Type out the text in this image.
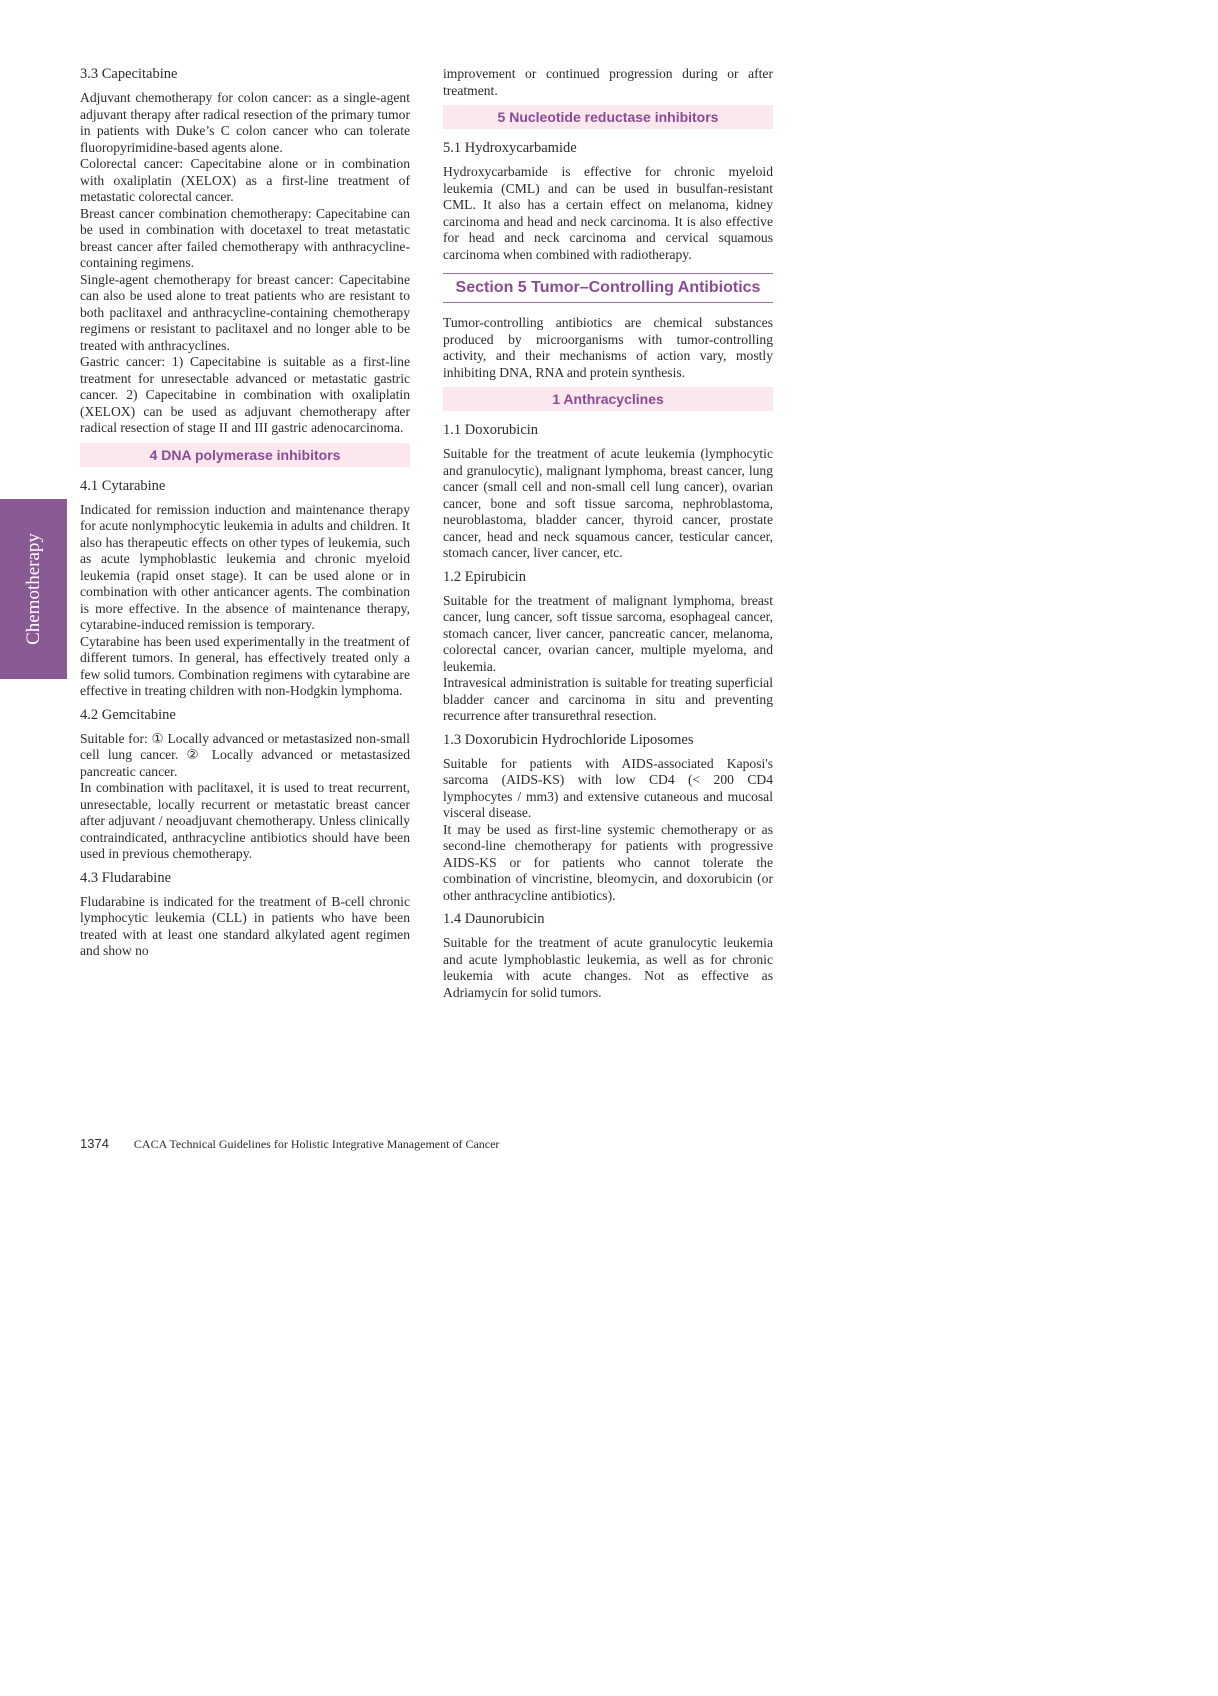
Chemotherapy
3.3 Capecitabine

Adjuvant chemotherapy for colon cancer: as a single-agent adjuvant therapy after radical resection of the primary tumor in patients with Duke’s C colon cancer who can tolerate fluoropyrimidine-based agents alone.

Colorectal cancer: Capecitabine alone or in combination with oxaliplatin (XELOX) as a first-line treatment of metastatic colorectal cancer.

Breast cancer combination chemotherapy: Capecitabine can be used in combination with docetaxel to treat metastatic breast cancer after failed chemotherapy with anthracycline-containing regimens.

Single-agent chemotherapy for breast cancer: Capecitabine can also be used alone to treat patients who are resistant to both paclitaxel and anthracycline-containing chemotherapy regimens or resistant to paclitaxel and no longer able to be treated with anthracyclines.

Gastric cancer: 1) Capecitabine is suitable as a first-line treatment for unresectable advanced or metastatic gastric cancer. 2) Capecitabine in combination with oxaliplatin (XELOX) can be used as adjuvant chemotherapy after radical resection of stage II and III gastric adenocarcinoma.

4 DNA polymerase inhibitors
4.1 Cytarabine

Indicated for remission induction and maintenance therapy for acute nonlymphocytic leukemia in adults and children. It also has therapeutic effects on other types of leukemia, such as acute lymphoblastic leukemia and chronic myeloid leukemia (rapid onset stage). It can be used alone or in combination with other anticancer agents. The combination is more effective. In the absence of maintenance therapy, cytarabine-induced remission is temporary.

Cytarabine has been used experimentally in the treatment of different tumors. In general, has effectively treated only a few solid tumors. Combination regimens with cytarabine are effective in treating children with non-Hodgkin lymphoma.

4.2 Gemcitabine

Suitable for: ① Locally advanced or metastasized non-small cell lung cancer. ② Locally advanced or metastasized pancreatic cancer.

In combination with paclitaxel, it is used to treat recurrent, unresectable, locally recurrent or metastatic breast cancer after adjuvant / neoadjuvant chemotherapy. Unless clinically contraindicated, anthracycline antibiotics should have been used in previous chemotherapy.

4.3 Fludarabine

Fludarabine is indicated for the treatment of B-cell chronic lymphocytic leukemia (CLL) in patients who have been treated with at least one standard alkylated agent regimen and show no

improvement or continued progression during or after treatment.

5 Nucleotide reductase inhibitors
5.1 Hydroxycarbamide

Hydroxycarbamide is effective for chronic myeloid leukemia (CML) and can be used in busulfan-resistant CML. It also has a certain effect on melanoma, kidney carcinoma and head and neck carcinoma. It is also effective for head and neck carcinoma and cervical squamous carcinoma when combined with radiotherapy.

Section 5 Tumor–Controlling Antibiotics

Tumor-controlling antibiotics are chemical substances produced by microorganisms with tumor-controlling activity, and their mechanisms of action vary, mostly inhibiting DNA, RNA and protein synthesis.

1 Anthracyclines
1.1 Doxorubicin

Suitable for the treatment of acute leukemia (lymphocytic and granulocytic), malignant lymphoma, breast cancer, lung cancer (small cell and non-small cell lung cancer), ovarian cancer, bone and soft tissue sarcoma, nephroblastoma, neuroblastoma, bladder cancer, thyroid cancer, prostate cancer, head and neck squamous cancer, testicular cancer, stomach cancer, liver cancer, etc.

1.2 Epirubicin

Suitable for the treatment of malignant lymphoma, breast cancer, lung cancer, soft tissue sarcoma, esophageal cancer, stomach cancer, liver cancer, pancreatic cancer, melanoma, colorectal cancer, ovarian cancer, multiple myeloma, and leukemia.

Intravesical administration is suitable for treating superficial bladder cancer and carcinoma in situ and preventing recurrence after transurethral resection.

1.3 Doxorubicin Hydrochloride Liposomes

Suitable for patients with AIDS-associated Kaposi's sarcoma (AIDS-KS) with low CD4 (< 200 CD4 lymphocytes / mm3) and extensive cutaneous and mucosal visceral disease.

It may be used as first-line systemic chemotherapy or as second-line chemotherapy for patients with progressive AIDS-KS or for patients who cannot tolerate the combination of vincristine, bleomycin, and doxorubicin (or other anthracycline antibiotics).

1.4 Daunorubicin

Suitable for the treatment of acute granulocytic leukemia and acute lymphoblastic leukemia, as well as for chronic leukemia with acute changes. Not as effective as Adriamycin for solid tumors.

1374 CACA Technical Guidelines for Holistic Integrative Management of Cancer
